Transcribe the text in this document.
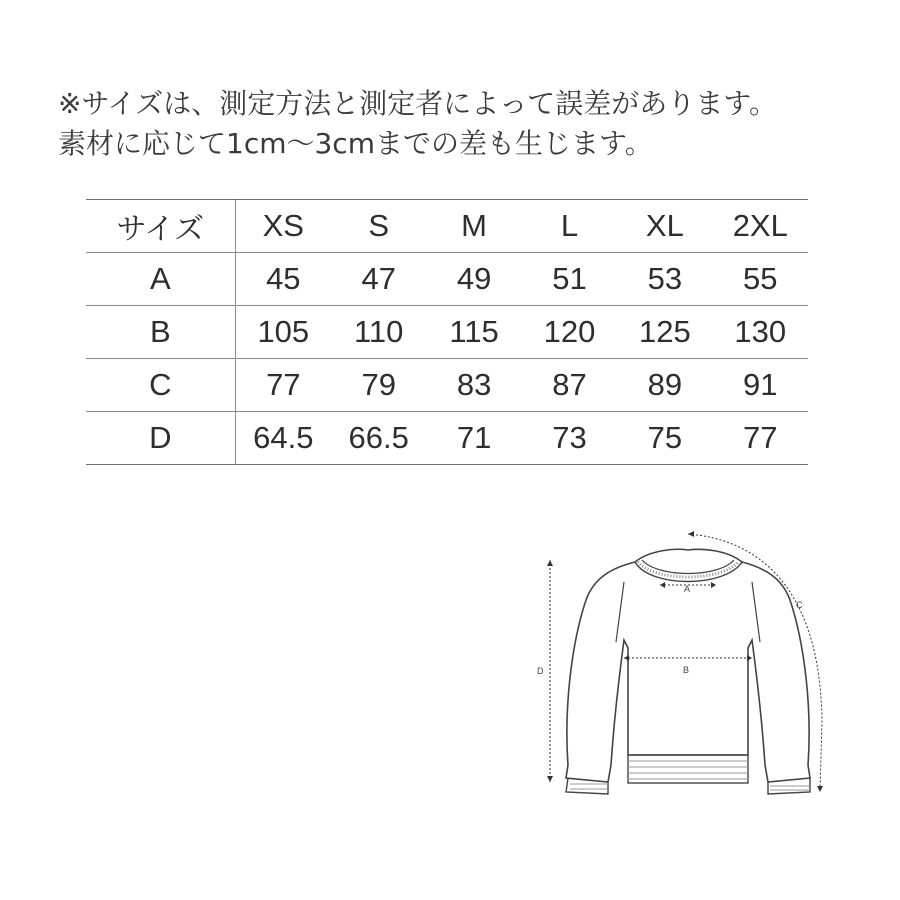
※サイズは、測定方法と測定者によって誤差があります。
素材に応じて1cm〜3cmまでの差も生じます。
サイズ	XS	S	M	L	XL	2XL
A	45	47	49	51	53	55
B	105	110	115	120	125	130
C	77	79	83	87	89	91
D	64.5	66.5	71	73	75	77
A
B
C
D
